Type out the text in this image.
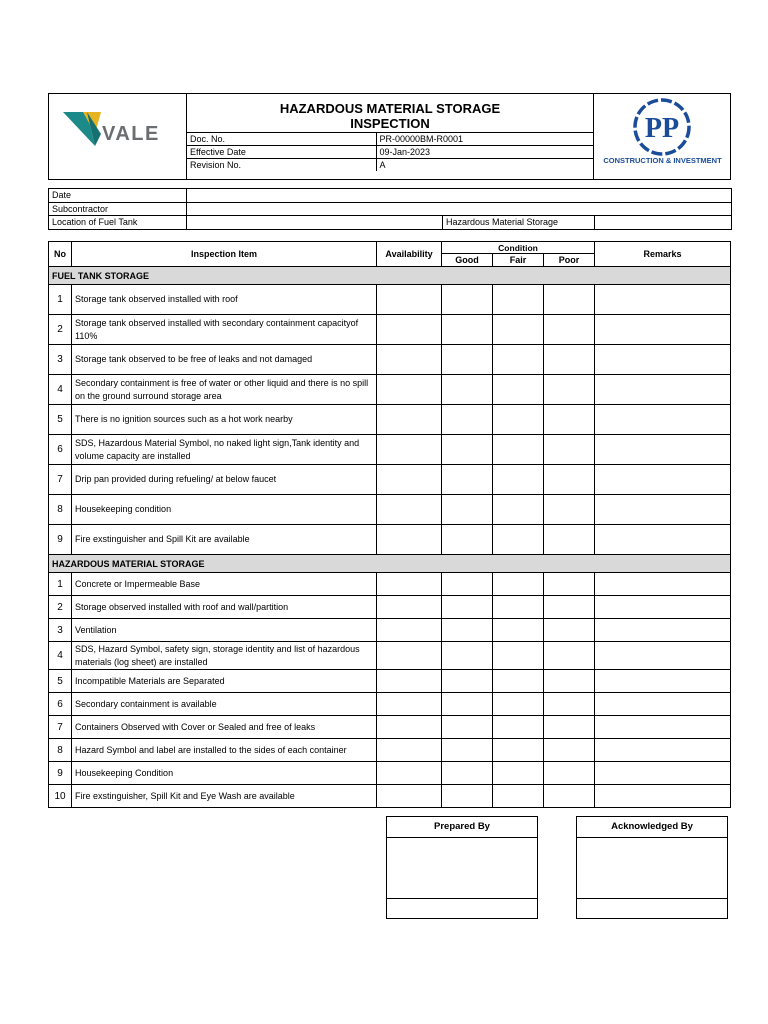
VALE

HAZARDOUS MATERIAL STORAGE
INSPECTION
Doc. No.	PR-00000BM-R0001
Effective Date	09-Jan-2023
Revision No.	A

PP
CONSTRUCTION & INVESTMENT
Date			
Subcontractor			
Location of Fuel Tank		Hazardous Material Storage	
No	Inspection Item	Availability	Condition			Remarks
			Good	Fair	Poor	
FUEL TANK STORAGE						
1	Storage tank observed installed with roof					
2	Storage tank observed installed with secondary containment capacityof 110%					
3	Storage tank observed to be free of leaks and not damaged					
4	Secondary containment is free of water or other liquid and there is no spill on the ground surround storage area					
5	There is no ignition sources such as a hot work nearby					
6	SDS, Hazardous Material Symbol, no naked light sign,Tank identity and volume capacity are installed					
7	Drip pan provided during refueling/ at below faucet					
8	Housekeeping condition					
9	Fire exstinguisher and Spill Kit are available					
HAZARDOUS MATERIAL STORAGE						
1	Concrete or Impermeable Base					
2	Storage observed installed with roof and wall/partition					
3	Ventilation					
4	SDS, Hazard Symbol, safety sign, storage identity and list of hazardous materials (log sheet) are installed					
5	Incompatible Materials are Separated					
6	Secondary containment is available					
7	Containers Observed with Cover or Sealed and free of leaks					
8	Hazard Symbol and label are installed to the sides of each container					
9	Housekeeping Condition					
10	Fire exstinguisher, Spill Kit and Eye Wash are available					
Prepared By	Acknowledged By
